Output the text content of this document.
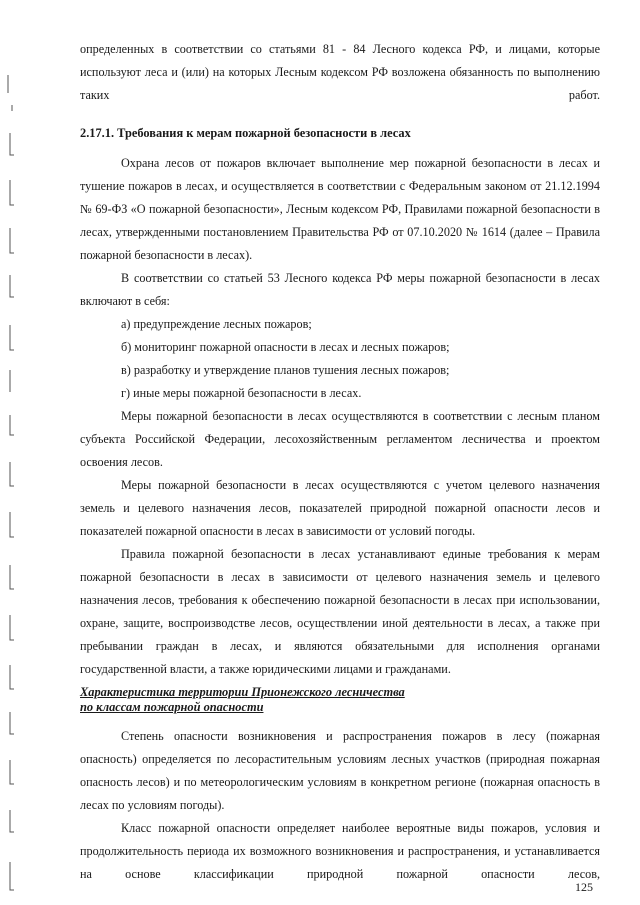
определенных в соответствии со статьями 81 - 84 Лесного кодекса РФ, и лицами, которые используют леса и (или) на которых Лесным кодексом РФ возложена обязанность по выполнению таких работ.

2.17.1. Требования к мерам пожарной безопасности в лесах

Охрана лесов от пожаров включает выполнение мер пожарной безопасности в лесах и тушение пожаров в лесах, и осуществляется в соответствии с Федеральным законом от 21.12.1994 № 69-ФЗ «О пожарной безопасности», Лесным кодексом РФ, Правилами пожарной безопасности в лесах, утвержденными постановлением Правительства РФ от 07.10.2020 № 1614 (далее – Правила пожарной безопасности в лесах).

В соответствии со статьей 53 Лесного кодекса РФ меры пожарной безопасности в лесах включают в себя:

а) предупреждение лесных пожаров;

б) мониторинг пожарной опасности в лесах и лесных пожаров;

в) разработку и утверждение планов тушения лесных пожаров;

г) иные меры пожарной безопасности в лесах.

Меры пожарной безопасности в лесах осуществляются в соответствии с лесным планом субъекта Российской Федерации, лесохозяйственным регламентом лесничества и проектом освоения лесов.

Меры пожарной безопасности в лесах осуществляются с учетом целевого назначения земель и целевого назначения лесов, показателей природной пожарной опасности лесов и показателей пожарной опасности в лесах в зависимости от условий погоды.

Правила пожарной безопасности в лесах устанавливают единые требования к мерам пожарной безопасности в лесах в зависимости от целевого назначения земель и целевого назначения лесов, требования к обеспечению пожарной безопасности в лесах при использовании, охране, защите, воспроизводстве лесов, осуществлении иной деятельности в лесах, а также при пребывании граждан в лесах, и являются обязательными для исполнения органами государственной власти, а также юридическими лицами и гражданами.

Характеристика территории Прионежского лесничества
по классам пожарной опасности

Степень опасности возникновения и распространения пожаров в лесу (пожарная опасность) определяется по лесорастительным условиям лесных участков (природная пожарная опасность лесов) и по метеорологическим условиям в конкретном регионе (пожарная опасность в лесах по условиям погоды).

Класс пожарной опасности определяет наиболее вероятные виды пожаров, условия и продолжительность периода их возможного возникновения и распространения, и устанавливается на основе классификации природной пожарной опасности лесов,

125
